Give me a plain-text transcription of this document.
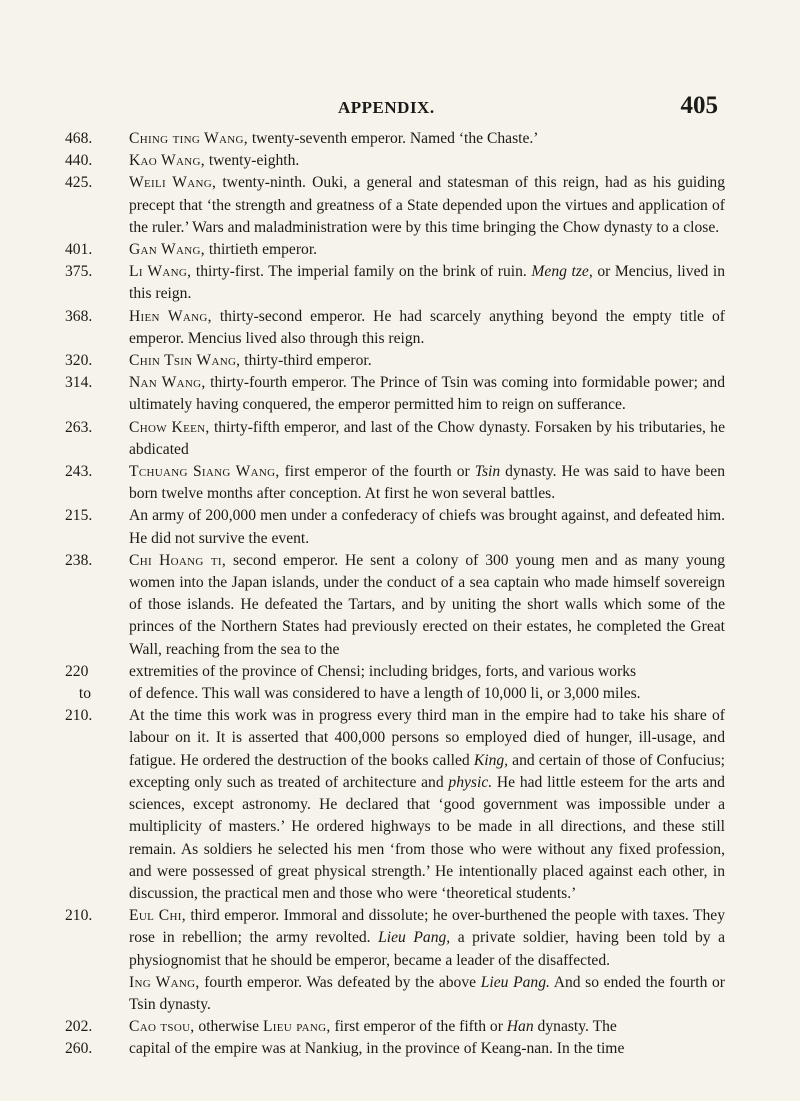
APPENDIX.	405
468.	Ching ting Wang, twenty-seventh emperor. Named ‘the Chaste.’
440.	Kao Wang, twenty-eighth.
425.	Weili Wang, twenty-ninth. Ouki, a general and statesman of this reign, had as his guiding precept that ‘the strength and greatness of a State depended upon the virtues and application of the ruler.’ Wars and maladministration were by this time bringing the Chow dynasty to a close.
401.	Gan Wang, thirtieth emperor.
375.	Li Wang, thirty-first. The imperial family on the brink of ruin. Meng tze, or Mencius, lived in this reign.
368.	Hien Wang, thirty-second emperor. He had scarcely anything beyond the empty title of emperor. Mencius lived also through this reign.
320.	Chin Tsin Wang, thirty-third emperor.
314.	Nan Wang, thirty-fourth emperor. The Prince of Tsin was coming into formidable power; and ultimately having conquered, the emperor permitted him to reign on sufferance.
263.	Chow Keen, thirty-fifth emperor, and last of the Chow dynasty. Forsaken by his tributaries, he abdicated
243.	Tchuang Siang Wang, first emperor of the fourth or Tsin dynasty. He was said to have been born twelve months after conception. At first he won several battles.
215.	An army of 200,000 men under a confederacy of chiefs was brought against, and defeated him. He did not survive the event.
238.	Chi Hoang ti, second emperor. He sent a colony of 300 young men and as many young women into the Japan islands, under the conduct of a sea captain who made himself sovereign of those islands. He defeated the Tartars, and by uniting the short walls which some of the princes of the Northern States had previously erected on their estates, he completed the Great Wall, reaching from the sea to the
220	extremities of the province of Chensi; including bridges, forts, and various works
to	of defence. This wall was considered to have a length of 10,000 li, or 3,000 miles.
210.	At the time this work was in progress every third man in the empire had to take his share of labour on it. It is asserted that 400,000 persons so employed died of hunger, ill-usage, and fatigue. He ordered the destruction of the books called King, and certain of those of Confucius; excepting only such as treated of architecture and physic. He had little esteem for the arts and sciences, except astronomy. He declared that ‘good government was impossible under a multiplicity of masters.’ He ordered highways to be made in all directions, and these still remain. As soldiers he selected his men ‘from those who were without any fixed profession, and were possessed of great physical strength.’ He intentionally placed against each other, in discussion, the practical men and those who were ‘theoretical students.’
210.	Eul Chi, third emperor. Immoral and dissolute; he over-burthened the people with taxes. They rose in rebellion; the army revolted. Lieu Pang, a private soldier, having been told by a physiognomist that he should be emperor, became a leader of the disaffected.
Ing Wang, fourth emperor. Was defeated by the above Lieu Pang. And so ended the fourth or Tsin dynasty.
202.	Cao tsou, otherwise Lieu pang, first emperor of the fifth or Han dynasty. The
260.	capital of the empire was at Nankiug, in the province of Keang-nan. In the time
